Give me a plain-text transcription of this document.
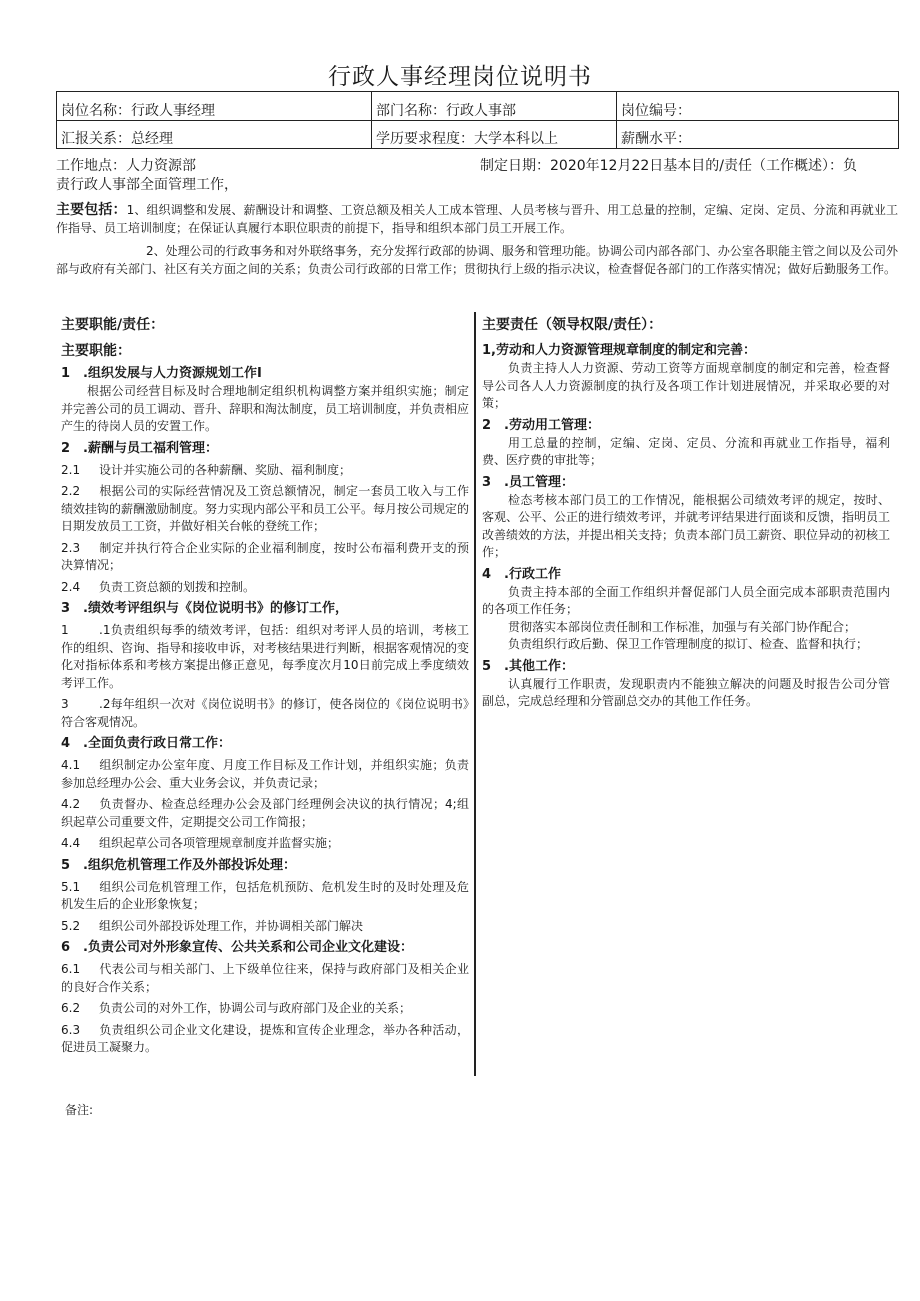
行政人事经理岗位说明书
岗位名称：行政人事经理	部门名称：行政人事部	岗位编号：
汇报关系：总经理	学历要求程度：大学本科以上	薪酬水平：
工作地点：人力资源部	制定日期：2020年12月22日基本目的/责任（工作概述）：负
责行政人事部全面管理工作，

主要包括：1、组织调整和发展、薪酬设计和调整、工资总额及相关人工成本管理、人员考核与晋升、用工总量的控制，定编、定岗、定员、分流和再就业工作指导、员工培训制度；在保证认真履行本职位职责的前提下，指导和组织本部门员工开展工作。

2、处理公司的行政事务和对外联络事务，充分发挥行政部的协调、服务和管理功能。协调公司内部各部门、办公室各职能主管之间以及公司外部与政府有关部门、社区有关方面之间的关系；负责公司行政部的日常工作；贯彻执行上级的指示决议，检查督促各部门的工作落实情况；做好后勤服务工作。

主要职能/责任：
主要职能：
1　.组织发展与人力资源规划工作Ⅰ
根据公司经营目标及时合理地制定组织机构调整方案并组织实施；制定并完善公司的员工调动、晋升、辞职和淘汰制度，员工培训制度，并负责相应产生的待岗人员的安置工作。
2　.薪酬与员工福利管理：
2.1 设计并实施公司的各种薪酬、奖励、福利制度；
2.2 根据公司的实际经营情况及工资总额情况，制定一套员工收入与工作绩效挂钩的薪酬激励制度。努力实现内部公平和员工公平。每月按公司规定的日期发放员工工资，并做好相关台帐的登统工作；
2.3 制定并执行符合企业实际的企业福利制度，按时公布福利费开支的预决算情况；
2.4 负责工资总额的划拨和控制。
3　.绩效考评组织与《岗位说明书》的修订工作，
1　.1负责组织每季的绩效考评，包括：组织对考评人员的培训，考核工作的组织、咨询、指导和接收申诉，对考核结果进行判断，根据客观情况的变化对指标体系和考核方案提出修正意见，每季度次月10日前完成上季度绩效考评工作。
3　.2每年组织一次对《岗位说明书》的修订，使各岗位的《岗位说明书》符合客观情况。
4　.全面负责行政日常工作：
4.1 组织制定办公室年度、月度工作目标及工作计划，并组织实施；负责参加总经理办公会、重大业务会议，并负责记录；
4.2 负责督办、检查总经理办公会及部门经理例会决议的执行情况；4;组织起草公司重要文件，定期提交公司工作简报；
4.4 组织起草公司各项管理规章制度并监督实施；
5　.组织危机管理工作及外部投诉处理：
5.1 组织公司危机管理工作，包括危机预防、危机发生时的及时处理及危机发生后的企业形象恢复；
5.2 组织公司外部投诉处理工作，并协调相关部门解决
6　.负责公司对外形象宣传、公共关系和公司企业文化建设：
6.1 代表公司与相关部门、上下级单位往来，保持与政府部门及相关企业的良好合作关系；
6.2 负责公司的对外工作，协调公司与政府部门及企业的关系；
6.3 负责组织公司企业文化建设，提炼和宣传企业理念，举办各种活动，促进员工凝聚力。
主要责任（领导权限/责任）：
1,劳动和人力资源管理规章制度的制定和完善：
负责主持人人力资源、劳动工资等方面规章制度的制定和完善，检查督导公司各人人力资源制度的执行及各项工作计划进展情况，并采取必要的对策；
2　.劳动用工管理：
用工总量的控制，定编、定岗、定员、分流和再就业工作指导，福利费、医疗费的审批等；
3　.员工管理：
检态考核本部门员工的工作情况，能根据公司绩效考评的规定，按时、客观、公平、公正的进行绩效考评，并就考评结果进行面谈和反馈，指明员工改善绩效的方法，并提出相关支持；负责本部门员工薪资、职位异动的初核工作；
4　.行政工作
负责主持本部的全面工作组织并督促部门人员全面完成本部职责范围内的各项工作任务；
贯彻落实本部岗位责任制和工作标准，加强与有关部门协作配合；
负责组织行政后勤、保卫工作管理制度的拟订、检查、监督和执行；
5　.其他工作：
认真履行工作职责，发现职责内不能独立解决的问题及时报告公司分管副总，完成总经理和分管副总交办的其他工作任务。
备注:
